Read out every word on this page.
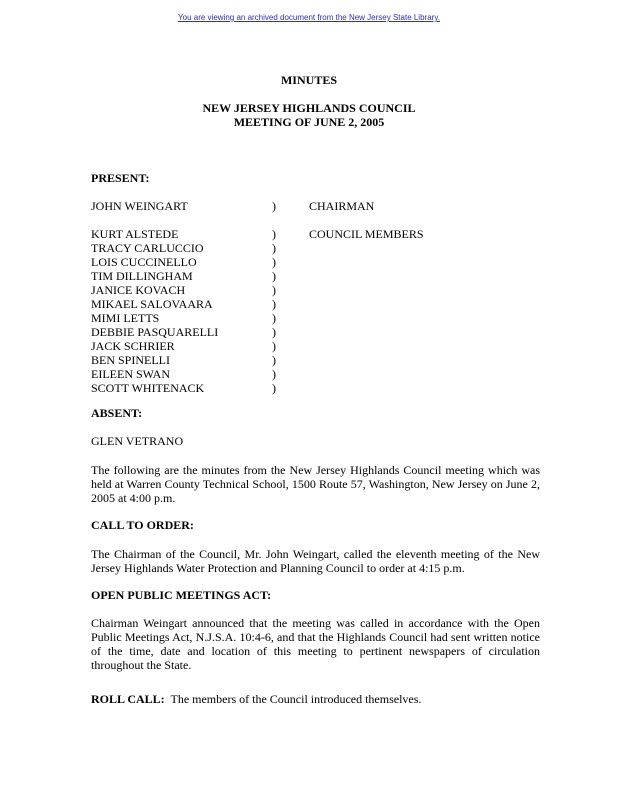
You are viewing an archived document from the New Jersey State Library.
MINUTES
NEW JERSEY HIGHLANDS COUNCIL
MEETING OF JUNE 2, 2005
PRESENT:
JOHN WEINGART	)	CHAIRMAN
KURT ALSTEDE	)	COUNCIL MEMBERS
TRACY CARLUCCIO	)
LOIS CUCCINELLO	)
TIM DILLINGHAM	)
JANICE KOVACH	)
MIKAEL SALOVAARA	)
MIMI LETTS	)
DEBBIE PASQUARELLI	)
JACK SCHRIER	)
BEN SPINELLI	)
EILEEN SWAN	)
SCOTT WHITENACK	)
ABSENT:
GLEN VETRANO
The following are the minutes from the New Jersey Highlands Council meeting which was held at Warren County Technical School, 1500 Route 57, Washington, New Jersey on June 2, 2005 at 4:00 p.m.
CALL TO ORDER:
The Chairman of the Council, Mr. John Weingart, called the eleventh meeting of the New Jersey Highlands Water Protection and Planning Council to order at 4:15 p.m.
OPEN PUBLIC MEETINGS ACT:
Chairman Weingart announced that the meeting was called in accordance with the Open Public Meetings Act, N.J.S.A. 10:4-6, and that the Highlands Council had sent written notice of the time, date and location of this meeting to pertinent newspapers of circulation throughout the State.
ROLL CALL: The members of the Council introduced themselves.
